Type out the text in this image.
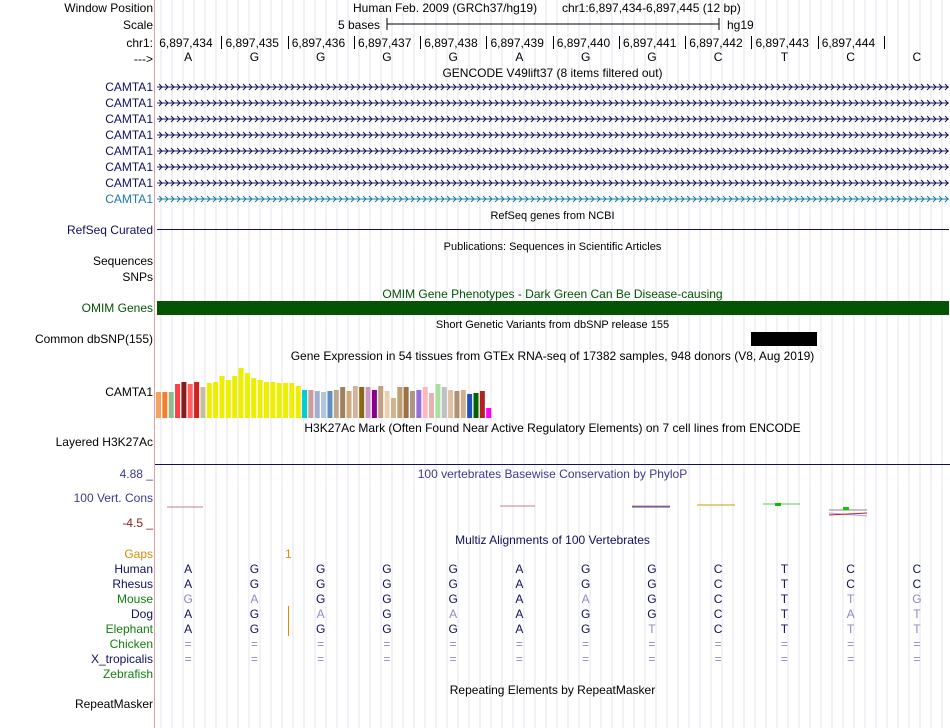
Window Position	Human Feb. 2009 (GRCh37/hg19) chr1:6,897,434-6,897,445 (12 bp)
Scale	5 bases	hg19
chr1: 6,897,434 6,897,435 6,897,436 6,897,437 6,897,438 6,897,439 6,897,440 6,897,441 6,897,442 6,897,443 6,897,444
--->	A	G	G	G	G	A	G	G	C	T	C	C
GENCODE V49lift37 (8 items filtered out)
CAMTA1
CAMTA1
CAMTA1
CAMTA1
CAMTA1
CAMTA1
CAMTA1
CAMTA1
RefSeq genes from NCBI
RefSeq Curated
Publications: Sequences in Scientific Articles
Sequences
SNPs
OMIM Gene Phenotypes - Dark Green Can Be Disease-causing
OMIM Genes
Short Genetic Variants from dbSNP release 155
Common dbSNP(155)
Gene Expression in 54 tissues from GTEx RNA-seq of 17382 samples, 948 donors (V8, Aug 2019)
CAMTA1
H3K27Ac Mark (Often Found Near Active Regulatory Elements) on 7 cell lines from ENCODE
Layered H3K27Ac
4.88 _	100 vertebrates Basewise Conservation by PhyloP
100 Vert. Cons
-4.5 _
Multiz Alignments of 100 Vertebrates
Gaps	1
Human	A	G	G	G	G	A	G	G	C	T	C	C
Rhesus	A	G	G	G	G	A	G	G	C	T	C	C
Mouse	G	A	G	G	G	A	A	G	C	T	T	G
Dog	A	G	A	G	A	A	G	G	C	T	A	T
Elephant	A	G	G	G	G	A	G	T	C	T	T	T
Chicken	=	=	=	=	=	=	=	=	=	=	=	=
X_tropicalis	=	=	=	=	=	=	=	=	=	=	=	=
Zebrafish
Repeating Elements by RepeatMasker
RepeatMasker
